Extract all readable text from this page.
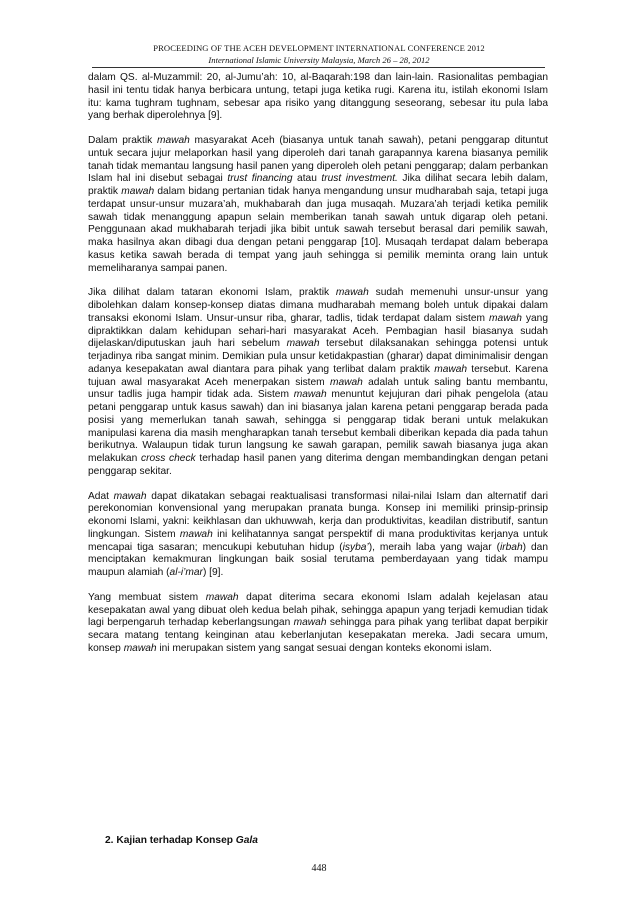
PROCEEDING OF THE ACEH DEVELOPMENT INTERNATIONAL CONFERENCE 2012
International Islamic University Malaysia, March 26 – 28, 2012

dalam QS. al-Muzammil: 20, al-Jumu’ah: 10, al-Baqarah:198 dan lain-lain. Rasionalitas pembagian hasil ini tentu tidak hanya berbicara untung, tetapi juga ketika rugi. Karena itu, istilah ekonomi Islam itu: kama tughram tughnam, sebesar apa risiko yang ditanggung seseorang, sebesar itu pula laba yang berhak diperolehnya [9].

Dalam praktik mawah masyarakat Aceh (biasanya untuk tanah sawah), petani penggarap dituntut untuk secara jujur melaporkan hasil yang diperoleh dari tanah garapannya karena biasanya pemilik tanah tidak memantau langsung hasil panen yang diperoleh oleh petani penggarap; dalam perbankan Islam hal ini disebut sebagai trust financing atau trust investment. Jika dilihat secara lebih dalam, praktik mawah dalam bidang pertanian tidak hanya mengandung unsur mudharabah saja, tetapi juga terdapat unsur-unsur muzara’ah, mukhabarah dan juga musaqah. Muzara’ah terjadi ketika pemilik sawah tidak menanggung apapun selain memberikan tanah sawah untuk digarap oleh petani. Penggunaan akad mukhabarah terjadi jika bibit untuk sawah tersebut berasal dari pemilik sawah, maka hasilnya akan dibagi dua dengan petani penggarap [10]. Musaqah terdapat dalam beberapa kasus ketika sawah berada di tempat yang jauh sehingga si pemilik meminta orang lain untuk memeliharanya sampai panen.

Jika dilihat dalam tataran ekonomi Islam, praktik mawah sudah memenuhi unsur-unsur yang dibolehkan dalam konsep-konsep diatas dimana mudharabah memang boleh untuk dipakai dalam transaksi ekonomi Islam. Unsur-unsur riba, gharar, tadlis, tidak terdapat dalam sistem mawah yang dipraktikkan dalam kehidupan sehari-hari masyarakat Aceh. Pembagian hasil biasanya sudah dijelaskan/diputuskan jauh hari sebelum mawah tersebut dilaksanakan sehingga potensi untuk terjadinya riba sangat minim. Demikian pula unsur ketidakpastian (gharar) dapat diminimalisir dengan adanya kesepakatan awal diantara para pihak yang terlibat dalam praktik mawah tersebut. Karena tujuan awal masyarakat Aceh menerpakan sistem mawah adalah untuk saling bantu membantu, unsur tadlis juga hampir tidak ada. Sistem mawah menuntut kejujuran dari pihak pengelola (atau petani penggarap untuk kasus sawah) dan ini biasanya jalan karena petani penggarap berada pada posisi yang memerlukan tanah sawah, sehingga si penggarap tidak berani untuk melakukan manipulasi karena dia masih mengharapkan tanah tersebut kembali diberikan kepada dia pada tahun berikutnya. Walaupun tidak turun langsung ke sawah garapan, pemilik sawah biasanya juga akan melakukan cross check terhadap hasil panen yang diterima dengan membandingkan dengan petani penggarap sekitar.

Adat mawah dapat dikatakan sebagai reaktualisasi transformasi nilai-nilai Islam dan alternatif dari perekonomian konvensional yang merupakan pranata bunga. Konsep ini memiliki prinsip-prinsip ekonomi Islami, yakni: keikhlasan dan ukhuwwah, kerja dan produktivitas, keadilan distributif, santun lingkungan. Sistem mawah ini kelihatannya sangat perspektif di mana produktivitas kerjanya untuk mencapai tiga sasaran; mencukupi kebutuhan hidup (isyba’), meraih laba yang wajar (irbah) dan menciptakan kemakmuran lingkungan baik sosial terutama pemberdayaan yang tidak mampu maupun alamiah (al-i’mar) [9].

Yang membuat sistem mawah dapat diterima secara ekonomi Islam adalah kejelasan atau kesepakatan awal yang dibuat oleh kedua belah pihak, sehingga apapun yang terjadi kemudian tidak lagi berpengaruh terhadap keberlangsungan mawah sehingga para pihak yang terlibat dapat berpikir secara matang tentang keinginan atau keberlanjutan kesepakatan mereka. Jadi secara umum, konsep mawah ini merupakan sistem yang sangat sesuai dengan konteks ekonomi islam.

2. Kajian terhadap Konsep Gala
448
